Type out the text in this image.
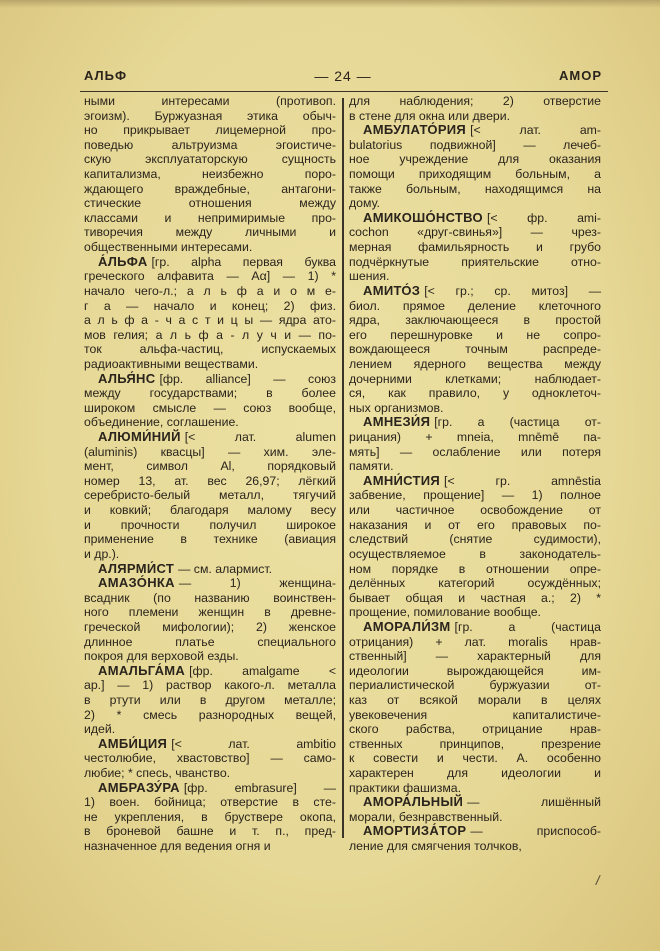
АЛЬФ	— 24 —	АМОР
ными интересами (противоп.
эгоизм). Буржуазная этика обыч-
но прикрывает лицемерной про-
поведью альтруизма эгоистиче-
скую эксплуататорскую сущность
капитализма, неизбежно поро-
ждающего враждебные, антагони-
стические отношения между
классами и непримиримые про-
тиворечия между личными и
общественными интересами.
А́ЛЬФА [гр. alpha первая буква
греческого алфавита — Αα] — 1) *
начало чего-л.; а л ь ф а и о м е-
г а — начало и конец; 2) физ.
а л ь ф а - ч а с т и ц ы — ядра ато-
мов гелия; а л ь ф а - л у ч и — по-
ток альфа-частиц, испускаемых
радиоактивными веществами.
АЛЬЯ́НС [фр. alliance] — союз
между государствами; в более
широком смысле — союз вообще,
объединение, соглашение.
АЛЮМИ́НИЙ [< лат. alumen
(aluminis) квасцы] — хим. эле-
мент, символ Al, порядковый
номер 13, ат. вес 26,97; лёгкий
серебристо-белый металл, тягучий
и ковкий; благодаря малому весу
и прочности получил широкое
применение в технике (авиация
и др.).
АЛЯРМИ́СТ — см. алармист.
АМАЗО́НКА — 1) женщина-
всадник (по названию воинствен-
ного племени женщин в древне-
греческой мифологии); 2) женское
длинное платье специального
покроя для верховой езды.
АМАЛЬГА́МА [фр. amalgame <
ар.] — 1) раствор какого-л. металла
в ртути или в другом металле;
2) * смесь разнородных вещей,
идей.
АМБИ́ЦИЯ [< лат. ambitio
честолюбие, хвастовство] — само-
любие; * спесь, чванство.
АМБРАЗУ́РА [фр. embrasure] —
1) воен. бойница; отверстие в сте-
не укрепления, в бруствере окопа,
в броневой башне и т. п., пред-
назначенное для ведения огня и
для наблюдения; 2) отверстие
в стене для окна или двери.
АМБУЛАТО́РИЯ [< лат. am-
bulatorius подвижной] — лечеб-
ное учреждение для оказания
помощи приходящим больным, а
также больным, находящимся на
дому.
АМИКОШО́НСТВО [< фр. ami-
cochon «друг-свинья»] — чрез-
мерная фамильярность и грубо
подчёркнутые приятельские отно-
шения.
АМИТО́З [< гр.; ср. митоз] —
биол. прямое деление клеточного
ядра, заключающееся в простой
его перешнуровке и не сопро-
вождающееся точным распреде-
лением ядерного вещества между
дочерними клетками; наблюдает-
ся, как правило, у одноклеточ-
ных организмов.
АМНЕЗИ́Я [гр. a (частица от-
рицания) + mneia, mnēmē па-
мять] — ослабление или потеря
памяти.
АМНИ́СТИЯ [< гр. amnēstia
забвение, прощение] — 1) полное
или частичное освобождение от
наказания и от его правовых по-
следствий (снятие судимости),
осуществляемое в законодатель-
ном порядке в отношении опре-
делённых категорий осуждённых;
бывает общая и частная а.; 2) *
прощение, помилование вообще.
АМОРАЛИ́ЗМ [гр. a (частица
отрицания) + лат. moralis нрав-
ственный] — характерный для
идеологии вырождающейся им-
периалистической буржуазии от-
каз от всякой морали в целях
увековечения капиталистиче-
ского рабства, отрицание нрав-
ственных принципов, презрение
к совести и чести. А. особенно
характерен для идеологии и
практики фашизма.
АМОРА́ЛЬНЫЙ — лишённый
морали, безнравственный.
АМОРТИЗА́ТОР — приспособ-
ление для смягчения толчков,
/
